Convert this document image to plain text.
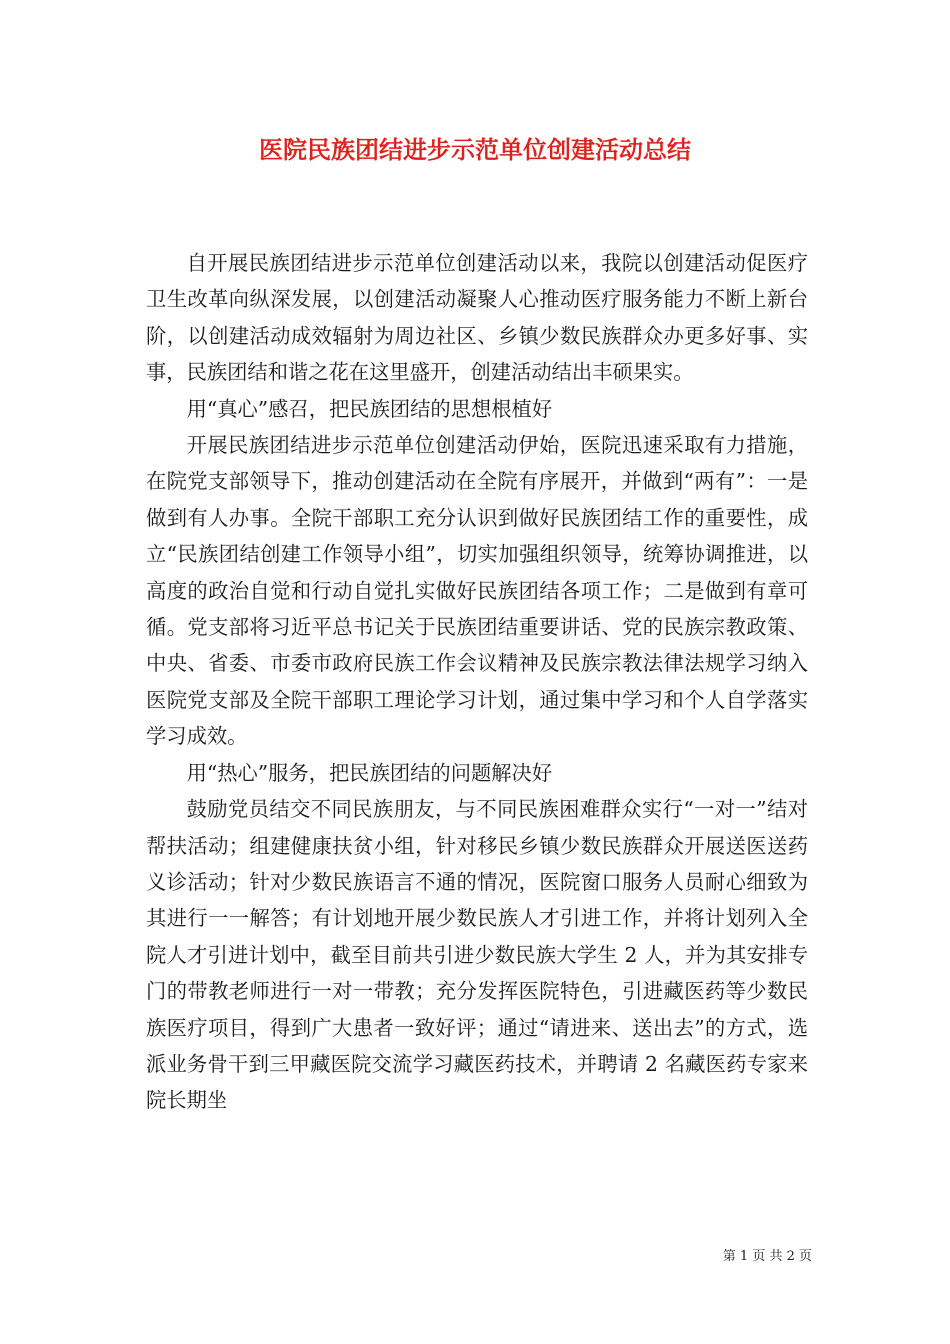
医院民族团结进步示范单位创建活动总结

自开展民族团结进步示范单位创建活动以来，我院以创建活动促医疗卫生改革向纵深发展，以创建活动凝聚人心推动医疗服务能力不断上新台阶，以创建活动成效辐射为周边社区、乡镇少数民族群众办更多好事、实事，民族团结和谐之花在这里盛开，创建活动结出丰硕果实。

用“真心”感召，把民族团结的思想根植好

开展民族团结进步示范单位创建活动伊始，医院迅速采取有力措施，在院党支部领导下，推动创建活动在全院有序展开，并做到“两有”：一是做到有人办事。全院干部职工充分认识到做好民族团结工作的重要性，成立“民族团结创建工作领导小组”，切实加强组织领导，统筹协调推进，以高度的政治自觉和行动自觉扎实做好民族团结各项工作；二是做到有章可循。党支部将习近平总书记关于民族团结重要讲话、党的民族宗教政策、中央、省委、市委市政府民族工作会议精神及民族宗教法律法规学习纳入医院党支部及全院干部职工理论学习计划，通过集中学习和个人自学落实学习成效。

用“热心”服务，把民族团结的问题解决好

鼓励党员结交不同民族朋友，与不同民族困难群众实行“一对一”结对帮扶活动；组建健康扶贫小组，针对移民乡镇少数民族群众开展送医送药义诊活动；针对少数民族语言不通的情况，医院窗口服务人员耐心细致为其进行一一解答；有计划地开展少数民族人才引进工作，并将计划列入全院人才引进计划中，截至目前共引进少数民族大学生 2 人，并为其安排专门的带教老师进行一对一带教；充分发挥医院特色，引进藏医药等少数民族医疗项目，得到广大患者一致好评；通过“请进来、送出去”的方式，选派业务骨干到三甲藏医院交流学习藏医药技术，并聘请 2 名藏医药专家来院长期坐

第 1 页 共 2 页
